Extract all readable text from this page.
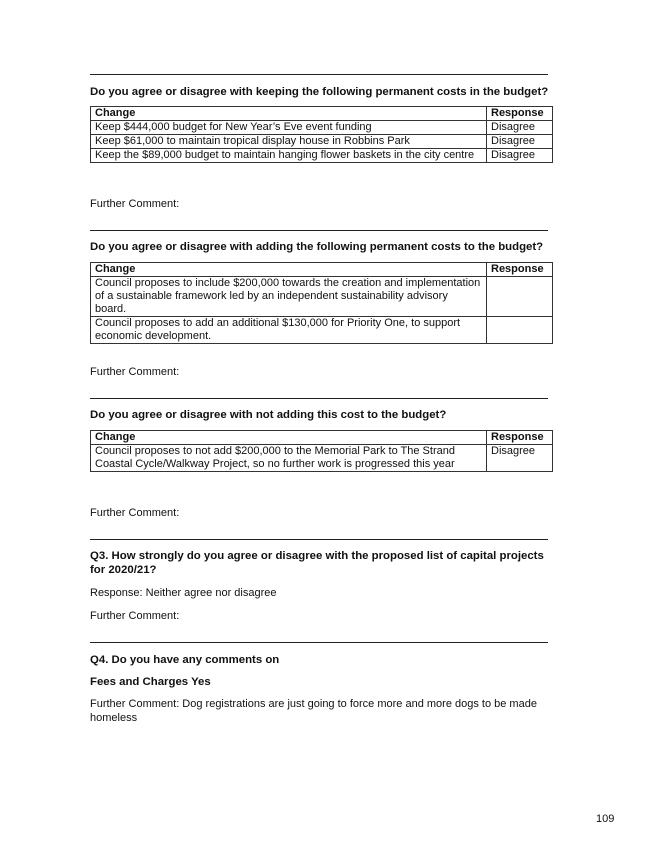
Do you agree or disagree with keeping the following permanent costs in the budget?
Change	Response
Keep $444,000 budget for New Year’s Eve event funding	Disagree
Keep $61,000 to maintain tropical display house in Robbins Park	Disagree
Keep the $89,000 budget to maintain hanging flower baskets in the city centre	Disagree
Further Comment:
Do you agree or disagree with adding the following permanent costs to the budget?
Change	Response
Council proposes to include $200,000 towards the creation and implementation of a sustainable framework led by an independent sustainability advisory board.	
Council proposes to add an additional $130,000 for Priority One, to support economic development.	
Further Comment:
Do you agree or disagree with not adding this cost to the budget?
Change	Response
Council proposes to not add $200,000 to the Memorial Park to The Strand Coastal Cycle/Walkway Project, so no further work is progressed this year	Disagree
Further Comment:
Q3. How strongly do you agree or disagree with the proposed list of capital projects for 2020/21?
Response: Neither agree nor disagree
Further Comment:
Q4. Do you have any comments on
Fees and Charges Yes
Further Comment: Dog registrations are just going to force more and more dogs to be made homeless
109
